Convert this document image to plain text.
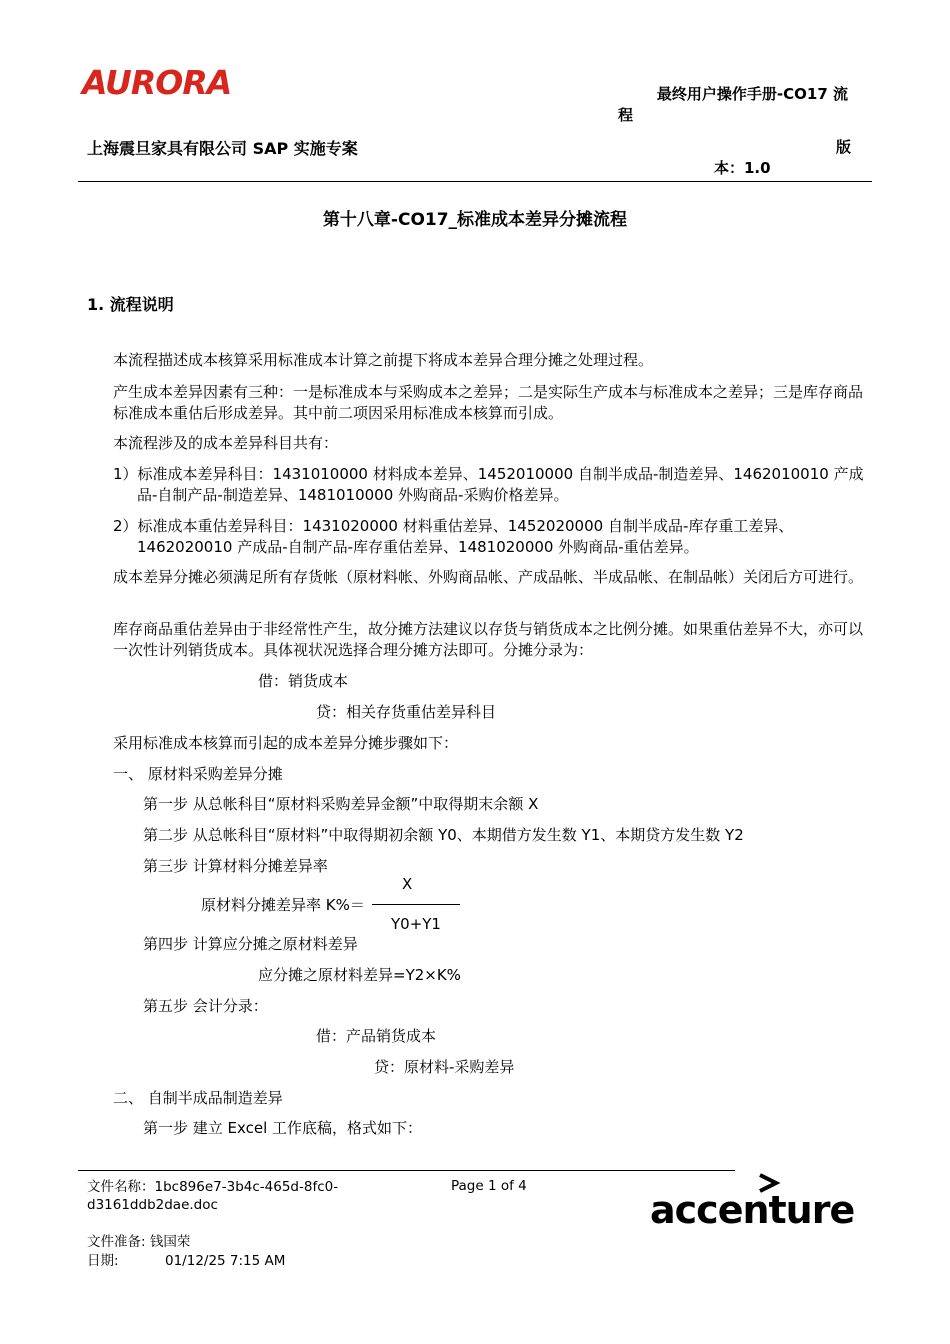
AURORA	最终用户操作手册-CO17 流
程
上海震旦家具有限公司 SAP 实施专案	版
本：1.0
第十八章-CO17_标准成本差异分摊流程
1. 流程说明
本流程描述成本核算采用标准成本计算之前提下将成本差异合理分摊之处理过程。
产生成本差异因素有三种：一是标准成本与采购成本之差异；二是实际生产成本与标准成本之差异；三是库存商品标准成本重估后形成差异。其中前二项因采用标准成本核算而引成。
本流程涉及的成本差异科目共有：
1）标准成本差异科目：1431010000 材料成本差异、1452010000 自制半成品-制造差异、1462010010 产成品-自制产品-制造差异、1481010000 外购商品-采购价格差异。
2）标准成本重估差异科目：1431020000 材料重估差异、1452020000 自制半成品-库存重工差异、1462020010 产成品-自制产品-库存重估差异、1481020000 外购商品-重估差异。
成本差异分摊必须满足所有存货帐（原材料帐、外购商品帐、产成品帐、半成品帐、在制品帐）关闭后方可进行。
库存商品重估差异由于非经常性产生，故分摊方法建议以存货与销货成本之比例分摊。如果重估差异不大，亦可以一次性计列销货成本。具体视状况选择合理分摊方法即可。分摊分录为：
借：销货成本
贷：相关存货重估差异科目
采用标准成本核算而引起的成本差异分摊步骤如下：
一、 原材料采购差异分摊
第一步 从总帐科目“原材料采购差异金额”中取得期末余额 X
第二步 从总帐科目“原材料”中取得期初余额 Y0、本期借方发生数 Y1、本期贷方发生数 Y2
第三步 计算材料分摊差异率
X
原材料分摊差异率 K%＝
Y0+Y1
第四步 计算应分摊之原材料差异
应分摊之原材料差异=Y2×K%
第五步 会计分录：
借：产品销货成本
贷：原材料-采购差异
二、 自制半成品制造差异
第一步 建立 Excel 工作底稿，格式如下：
文件名称：1bc896e7-3b4c-465d-8fc0-
d3161ddb2dae.doc
Page 1 of 4
文件准备: 钱国荣
日期:	01/12/25 7:15 AM
accenture
